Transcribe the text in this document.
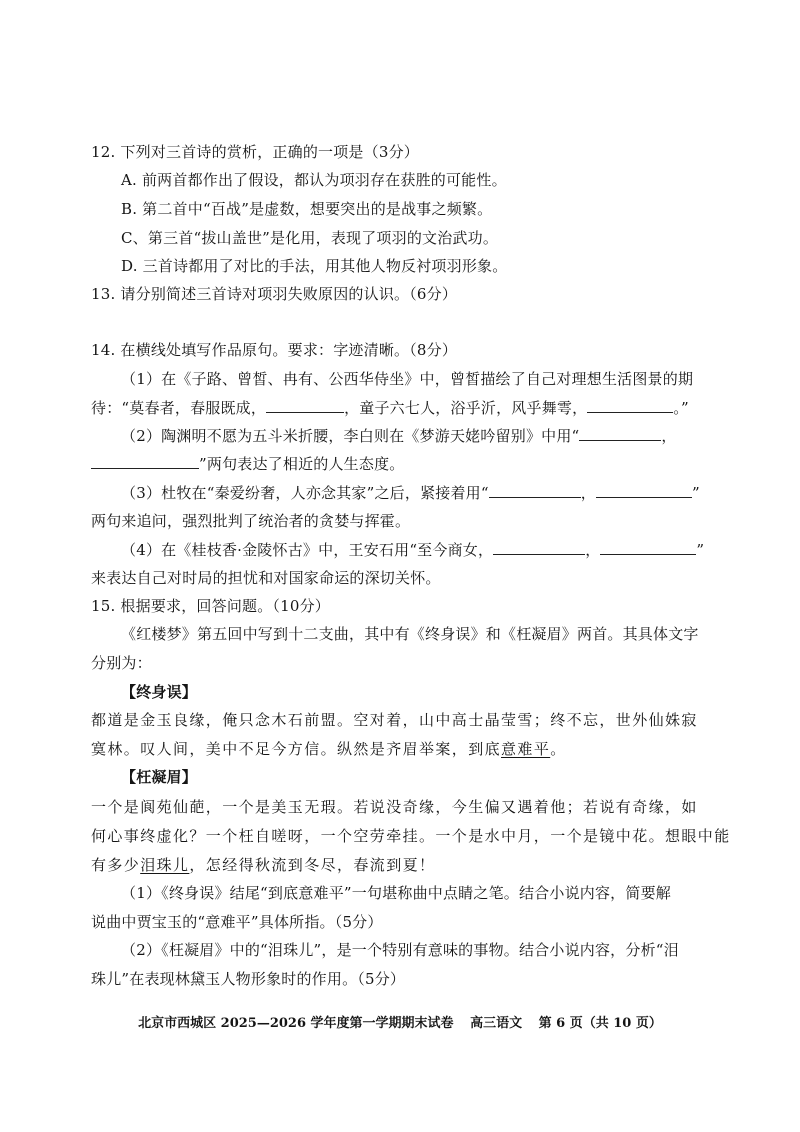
12. 下列对三首诗的赏析，正确的一项是（3分）
A. 前两首都作出了假设，都认为项羽存在获胜的可能性。
B. 第二首中“百战”是虚数，想要突出的是战事之频繁。
C、第三首“拔山盖世”是化用，表现了项羽的文治武功。
D. 三首诗都用了对比的手法，用其他人物反衬项羽形象。
13. 请分别简述三首诗对项羽失败原因的认识。（6分）
14. 在横线处填写作品原句。要求：字迹清晰。（8分）
（1）在《子路、曾皙、冉有、公西华侍坐》中，曾皙描绘了自己对理想生活图景的期
待：“莫春者，春服既成，	，童子六七人，浴乎沂，风乎舞雩，	。”
（2）陶渊明不愿为五斗米折腰，李白则在《梦游天姥吟留别》中用“	，
”两句表达了相近的人生态度。
（3）杜牧在“秦爱纷奢，人亦念其家”之后，紧接着用“	，	”
两句来追问，强烈批判了统治者的贪婪与挥霍。
（4）在《桂枝香·金陵怀古》中，王安石用“至今商女，	，	”
来表达自己对时局的担忧和对国家命运的深切关怀。
15. 根据要求，回答问题。（10分）
《红楼梦》第五回中写到十二支曲，其中有《终身误》和《枉凝眉》两首。其具体文字
分别为：
【终身误】
都道是金玉良缘，俺只念木石前盟。空对着，山中高士晶莹雪；终不忘，世外仙姝寂
寞林。叹人间，美中不足今方信。纵然是齐眉举案，到底意难平。
【枉凝眉】
一个是阆苑仙葩，一个是美玉无瑕。若说没奇缘，今生偏又遇着他；若说有奇缘，如
何心事终虚化？一个枉自嗟呀，一个空劳牵挂。一个是水中月，一个是镜中花。想眼中能
有多少泪珠儿，怎经得秋流到冬尽，春流到夏！
（1）《终身误》结尾“到底意难平”一句堪称曲中点睛之笔。结合小说内容，简要解
说曲中贾宝玉的“意难平”具体所指。（5分）
（2）《枉凝眉》中的“泪珠儿”，是一个特别有意味的事物。结合小说内容，分析“泪
珠儿”在表现林黛玉人物形象时的作用。（5分）
北京市西城区 2025—2026 学年度第一学期期末试卷 高三语文 第 6 页（共 10 页）
